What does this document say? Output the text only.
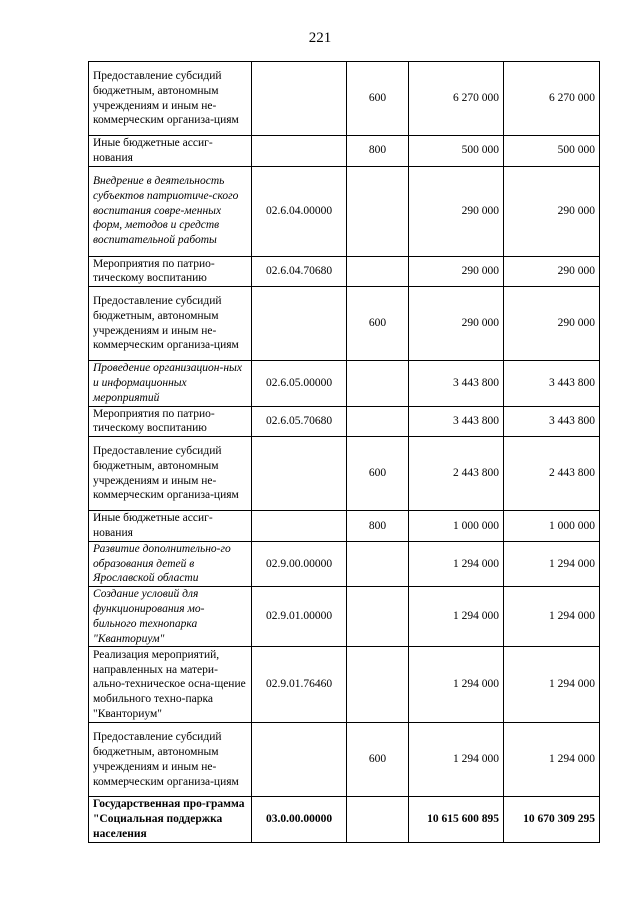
221
Предоставление субсидий бюджетным, автономным учреждениям и иным не-коммерческим организа-циям		600	6 270 000	6 270 000
Иные бюджетные ассиг-нования		800	500 000	500 000
Внедрение в деятельность субъектов патриотиче-ского воспитания совре-менных форм, методов и средств воспитательной работы	02.6.04.00000		290 000	290 000
Мероприятия по патрио-тическому воспитанию	02.6.04.70680		290 000	290 000
Предоставление субсидий бюджетным, автономным учреждениям и иным не-коммерческим организа-циям		600	290 000	290 000
Проведение организацион-ных и информационных мероприятий	02.6.05.00000		3 443 800	3 443 800
Мероприятия по патрио-тическому воспитанию	02.6.05.70680		3 443 800	3 443 800
Предоставление субсидий бюджетным, автономным учреждениям и иным не-коммерческим организа-циям		600	2 443 800	2 443 800
Иные бюджетные ассиг-нования		800	1 000 000	1 000 000
Развитие дополнительно-го образования детей в Ярославской области	02.9.00.00000		1 294 000	1 294 000
Создание условий для функционирования мо-бильного технопарка "Кванториум"	02.9.01.00000		1 294 000	1 294 000
Реализация мероприятий, направленных на матери-ально-техническое осна-щение мобильного техно-парка "Кванториум"	02.9.01.76460		1 294 000	1 294 000
Предоставление субсидий бюджетным, автономным учреждениям и иным не-коммерческим организа-циям		600	1 294 000	1 294 000
Государственная про-грамма "Социальная поддержка населения	03.0.00.00000		10 615 600 895	10 670 309 295
